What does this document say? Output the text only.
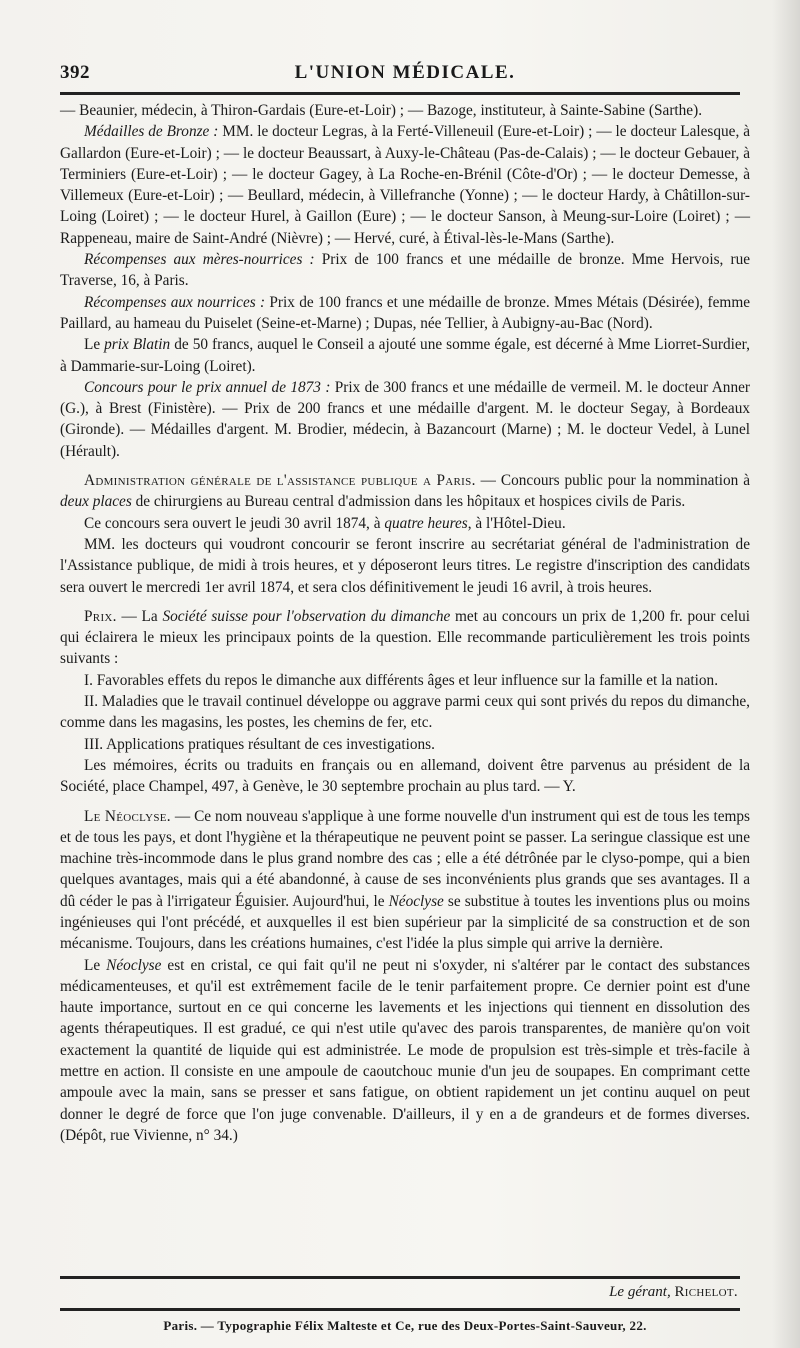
392	L'UNION MÉDICALE.

— Beaunier, médecin, à Thiron-Gardais (Eure-et-Loir) ; — Bazoge, instituteur, à Sainte-Sabine (Sarthe).

Médailles de Bronze : MM. le docteur Legras, à la Ferté-Villeneuil (Eure-et-Loir) ; — le docteur Lalesque, à Gallardon (Eure-et-Loir) ; — le docteur Beaussart, à Auxy-le-Château (Pas-de-Calais) ; — le docteur Gebauer, à Terminiers (Eure-et-Loir) ; — le docteur Gagey, à La Roche-en-Brénil (Côte-d'Or) ; — le docteur Demesse, à Villemeux (Eure-et-Loir) ; — Beullard, médecin, à Villefranche (Yonne) ; — le docteur Hardy, à Châtillon-sur-Loing (Loiret) ; — le docteur Hurel, à Gaillon (Eure) ; — le docteur Sanson, à Meung-sur-Loire (Loiret) ; — Rappeneau, maire de Saint-André (Nièvre) ; — Hervé, curé, à Étival-lès-le-Mans (Sarthe).

Récompenses aux mères-nourrices : Prix de 100 francs et une médaille de bronze. Mme Hervois, rue Traverse, 16, à Paris.

Récompenses aux nourrices : Prix de 100 francs et une médaille de bronze. Mmes Métais (Désirée), femme Paillard, au hameau du Puiselet (Seine-et-Marne) ; Dupas, née Tellier, à Aubigny-au-Bac (Nord).

Le prix Blatin de 50 francs, auquel le Conseil a ajouté une somme égale, est décerné à Mme Liorret-Surdier, à Dammarie-sur-Loing (Loiret).

Concours pour le prix annuel de 1873 : Prix de 300 francs et une médaille de vermeil. M. le docteur Anner (G.), à Brest (Finistère). — Prix de 200 francs et une médaille d'argent. M. le docteur Segay, à Bordeaux (Gironde). — Médailles d'argent. M. Brodier, médecin, à Bazancourt (Marne) ; M. le docteur Vedel, à Lunel (Hérault).

Administration générale de l'assistance publique a Paris. — Concours public pour la nommination à deux places de chirurgiens au Bureau central d'admission dans les hôpitaux et hospices civils de Paris.

Ce concours sera ouvert le jeudi 30 avril 1874, à quatre heures, à l'Hôtel-Dieu.

MM. les docteurs qui voudront concourir se feront inscrire au secrétariat général de l'administration de l'Assistance publique, de midi à trois heures, et y déposeront leurs titres. Le registre d'inscription des candidats sera ouvert le mercredi 1er avril 1874, et sera clos définitivement le jeudi 16 avril, à trois heures.

Prix. — La Société suisse pour l'observation du dimanche met au concours un prix de 1,200 fr. pour celui qui éclairera le mieux les principaux points de la question. Elle recommande particulièrement les trois points suivants :

I. Favorables effets du repos le dimanche aux différents âges et leur influence sur la famille et la nation.

II. Maladies que le travail continuel développe ou aggrave parmi ceux qui sont privés du repos du dimanche, comme dans les magasins, les postes, les chemins de fer, etc.

III. Applications pratiques résultant de ces investigations.

Les mémoires, écrits ou traduits en français ou en allemand, doivent être parvenus au président de la Société, place Champel, 497, à Genève, le 30 septembre prochain au plus tard. — Y.

Le Néoclyse. — Ce nom nouveau s'applique à une forme nouvelle d'un instrument qui est de tous les temps et de tous les pays, et dont l'hygiène et la thérapeutique ne peuvent point se passer. La seringue classique est une machine très-incommode dans le plus grand nombre des cas ; elle a été détrônée par le clyso-pompe, qui a bien quelques avantages, mais qui a été abandonné, à cause de ses inconvénients plus grands que ses avantages. Il a dû céder le pas à l'irrigateur Éguisier. Aujourd'hui, le Néoclyse se substitue à toutes les inventions plus ou moins ingénieuses qui l'ont précédé, et auxquelles il est bien supérieur par la simplicité de sa construction et de son mécanisme. Toujours, dans les créations humaines, c'est l'idée la plus simple qui arrive la dernière.

Le Néoclyse est en cristal, ce qui fait qu'il ne peut ni s'oxyder, ni s'altérer par le contact des substances médicamenteuses, et qu'il est extrêmement facile de le tenir parfaitement propre. Ce dernier point est d'une haute importance, surtout en ce qui concerne les lavements et les injections qui tiennent en dissolution des agents thérapeutiques. Il est gradué, ce qui n'est utile qu'avec des parois transparentes, de manière qu'on voit exactement la quantité de liquide qui est administrée. Le mode de propulsion est très-simple et très-facile à mettre en action. Il consiste en une ampoule de caoutchouc munie d'un jeu de soupapes. En comprimant cette ampoule avec la main, sans se presser et sans fatigue, on obtient rapidement un jet continu auquel on peut donner le degré de force que l'on juge convenable. D'ailleurs, il y en a de grandeurs et de formes diverses. (Dépôt, rue Vivienne, n° 34.)

Le gérant, Richelot.
Paris. — Typographie Félix Malteste et Ce, rue des Deux-Portes-Saint-Sauveur, 22.
